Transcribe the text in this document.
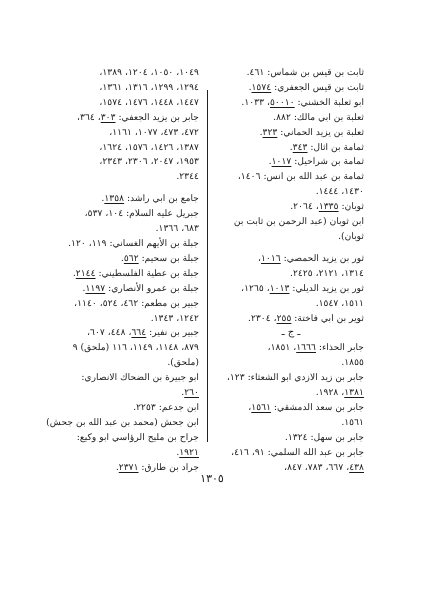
ثابت بن قيس بن شماس: ٤٦١.
ثابت بن قيس الجعفري: ١٥٧٤.
ابو ثعلبة الخشني: ٥٠٠١٠، ١٠٣٣.
ثعلبة بن ابي مالك: ٨٨٢.
ثعلبة بن يزيد الحماني: ٣٢٣.
ثمامة بن اثال: ٣٤٣.
ثمامة بن شراحيل: ١٠١٧.
ثمامة بن عبد الله بن انس: ١٤٠٦،
١٤٣٠، ١٤٤٤.
ثوبان: ١٣٣٥، ٢٠٦٤.
ابن ثوبان (عبد الرحمن بن ثابت بن
ثوبان).
ثور بن يزيد الحمصي: ١٠١٦،
١٣١٤، ٢١٢١، ٢٤٢٥.
ثور بن يزيد الديلي: ١٠١٣، ١٢٦٥،
١٥١١، ١٥٤٧.
ثوير بن ابي فاختة: ٢٥٥، ٢٣٠٤.
ـ ج ـ
جابر الحذاء: ١٦٦٦، ١٨٥١،
١٨٥٥.
جابر بن زيد الازدي ابو الشعثاء: ١٢٣،
١٣٨١، ١٩٢٨.
جابر بن سعد الدمشقي: ١٥٦١،
١٥٦١.
جابر بن سهل: ١٣٢٤.
جابر بن عبد الله السلمي: ٩١، ٤١٦،
٤٣٨، ٦٦٧، ٧٨٣، ٨٤٧،
١٠٤٩، ١٠٥٠، ١٢٠٤، ١٣٨٩،
١٢٩٤، ١٢٩٩، ١٣١٦، ١٣٦١،
١٤٤٧، ١٤٤٨، ١٤٧٦، ١٥٧٤،
جابر بن يزيد الجعفي: ٣٠٣، ٣٦٤،
٤٧٢، ٤٧٣، ١٠٧٧، ١١٦١،
١٣٨٧، ١٤٢٦، ١٥٧٦، ١٦٢٤،
١٩٥٣، ٢٠٤٧، ٢٣٠٦، ٢٣٤٣،
٢٣٤٤.
جامع بن ابي راشد: ١٣٥٨.
جبريل عليه السلام: ١٠٤، ٥٣٧،
٦٨٣، ١٣٦٦.
جبلة بن الأيهم الغساني: ١١٩، ١٢٠.
جبلة بن سحيم: ٥٦٢.
جبلة بن عطية الفلسطيني: ٢١٤٤.
جبلة بن عمرو الأنصاري: ١١٩٧.
جبير بن مطعم: ٤٦٢، ٥٢٤، ١١٤٠،
١٢٤٢، ١٣٤٣.
جبير بن نفير: ٦٦٤، ٤٤٨، ٦٠٧،
٨٧٩، ١١٤٨، ١١٤٩، ١١٦ (ملحق) ٩
(ملحق).
ابو جبيرة بن الضحاك الانصاري:
٢٦٠.
ابن جدعم: ٢٢٥٣.
ابن جحش (محمد بن عبد الله بن جحش)
جراح بن مليح الرؤاسي ابو وكيع:
١٩٢١.
جراد بن طارق: ٢٣٧١.
١٣٠٥
